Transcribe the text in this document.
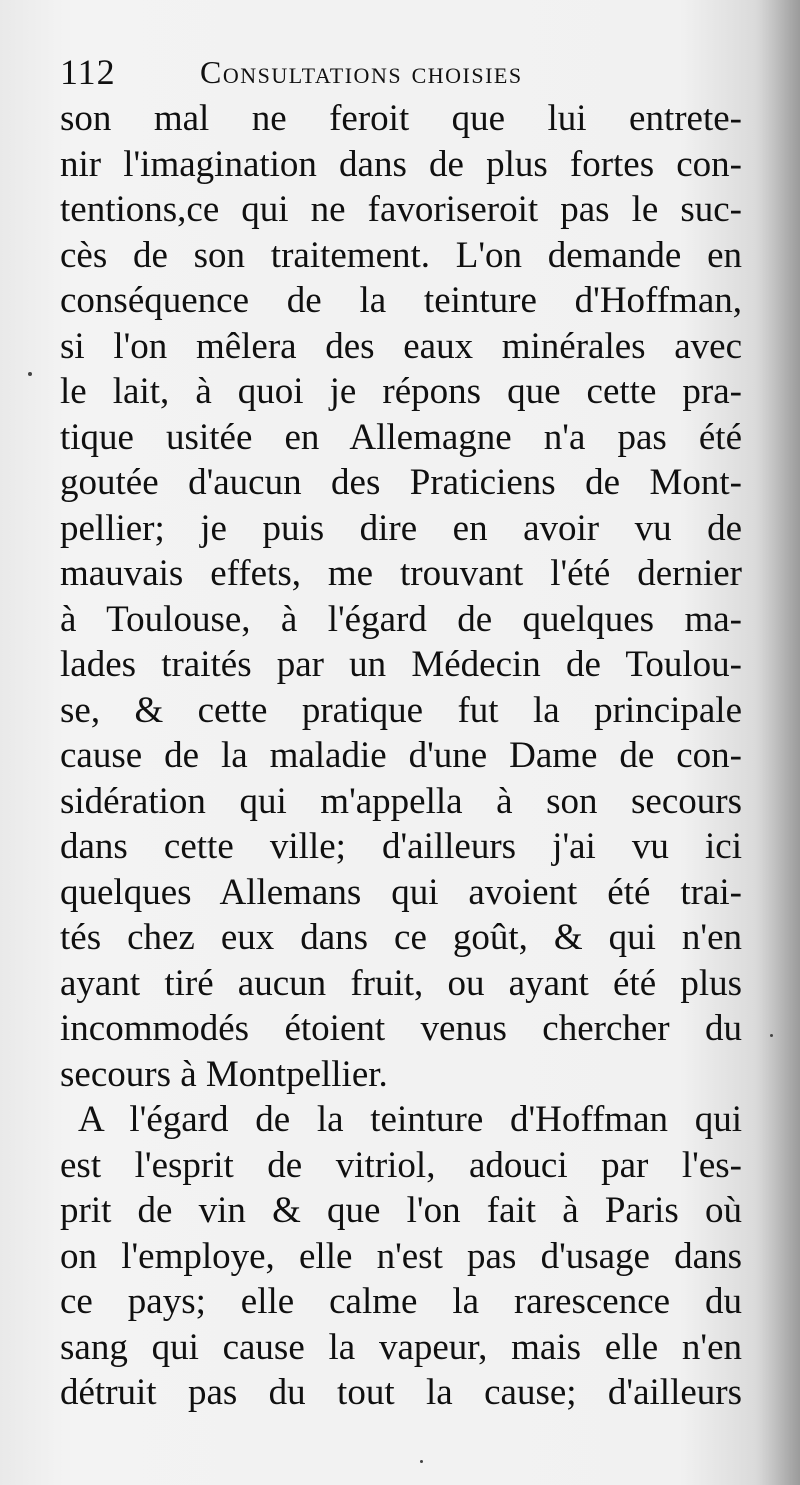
112	Consultations choisies
son mal ne feroit que lui entrete-
nir l'imagination dans de plus fortes con-
tentions,ce qui ne favoriseroit pas le suc-
cès de son traitement. L'on demande en
conséquence de la teinture d'Hoffman,
si l'on mêlera des eaux minérales avec
le lait, à quoi je répons que cette pra-
tique usitée en Allemagne n'a pas été
goutée d'aucun des Praticiens de Mont-
pellier; je puis dire en avoir vu de
mauvais effets, me trouvant l'été dernier
à Toulouse, à l'égard de quelques ma-
lades traités par un Médecin de Toulou-
se, & cette pratique fut la principale
cause de la maladie d'une Dame de con-
sidération qui m'appella à son secours
dans cette ville; d'ailleurs j'ai vu ici
quelques Allemans qui avoient été trai-
tés chez eux dans ce goût, & qui n'en
ayant tiré aucun fruit, ou ayant été plus
incommodés étoient venus chercher du
secours à Montpellier.
A l'égard de la teinture d'Hoffman qui
est l'esprit de vitriol, adouci par l'es-
prit de vin & que l'on fait à Paris où
on l'employe, elle n'est pas d'usage dans
ce pays; elle calme la rarescence du
sang qui cause la vapeur, mais elle n'en
détruit pas du tout la cause; d'ailleurs
